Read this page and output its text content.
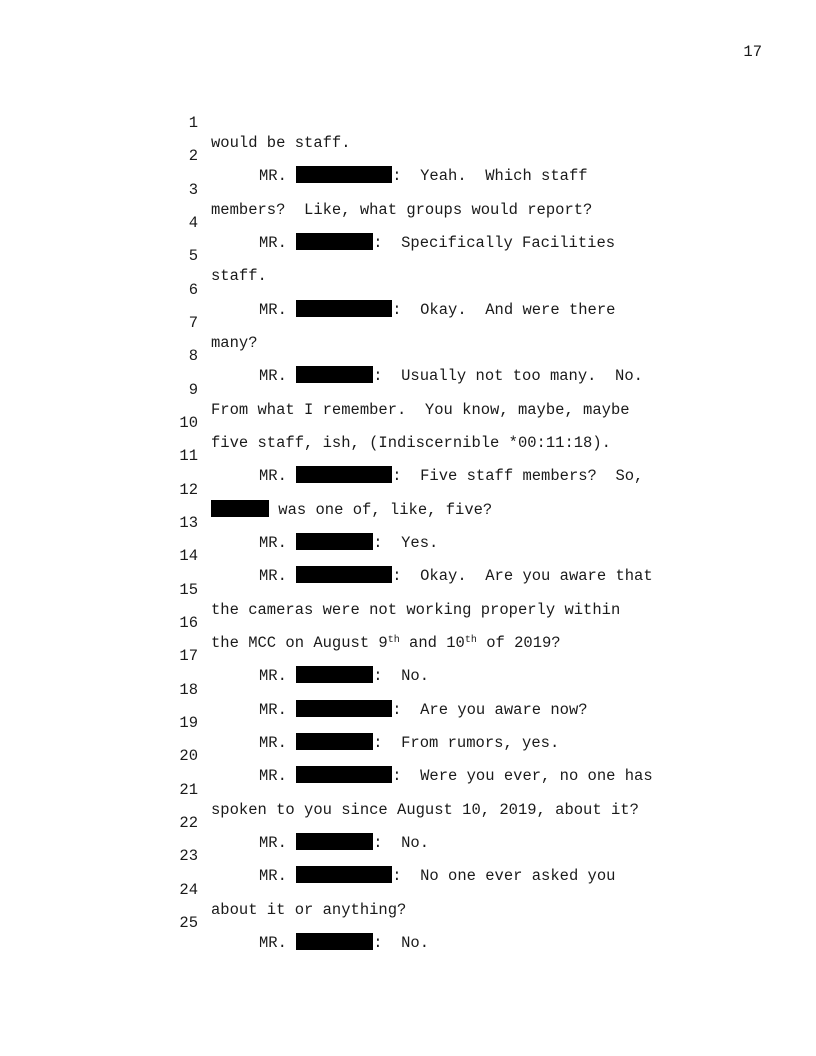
17

1

would be staff.

2

MR.	:  Yeah.  Which staff

3

members?  Like, what groups would report?

4

MR.	:  Specifically Facilities

5

staff.

6

MR.	:  Okay.  And were there

7

many?

8

MR.	:  Usually not too many.  No.

9

From what I remember.  You know, maybe, maybe

10

five staff, ish, (Indiscernible *00:11:18).

11

MR.	:  Five staff members?  So,

12

was one of, like, five?

13

MR.	:  Yes.

14

MR.	:  Okay.  Are you aware that

15

the cameras were not working properly within

16

the MCC on August 9th and 10th of 2019?

17

MR.	:  No.

18

MR.	:  Are you aware now?

19

MR.	:  From rumors, yes.

20

MR.	:  Were you ever, no one has

21

spoken to you since August 10, 2019, about it?

22

MR.	:  No.

23

MR.	:  No one ever asked you

24

about it or anything?

25

MR.	:  No.
